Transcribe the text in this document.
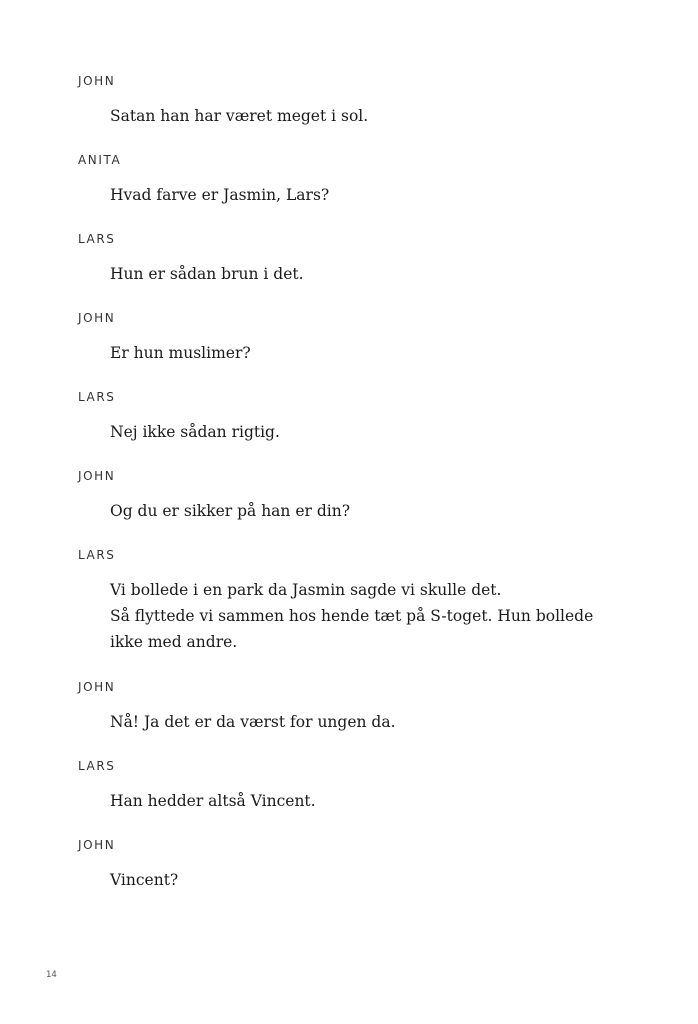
JOHN
Satan han har været meget i sol.
ANITA
Hvad farve er Jasmin, Lars?
LARS
Hun er sådan brun i det.
JOHN
Er hun muslimer?
LARS
Nej ikke sådan rigtig.
JOHN
Og du er sikker på han er din?
LARS
Vi bollede i en park da Jasmin sagde vi skulle det.
Så flyttede vi sammen hos hende tæt på S-toget. Hun bollede
ikke med andre.
JOHN
Nå! Ja det er da værst for ungen da.
LARS
Han hedder altså Vincent.
JOHN
Vincent?
14
